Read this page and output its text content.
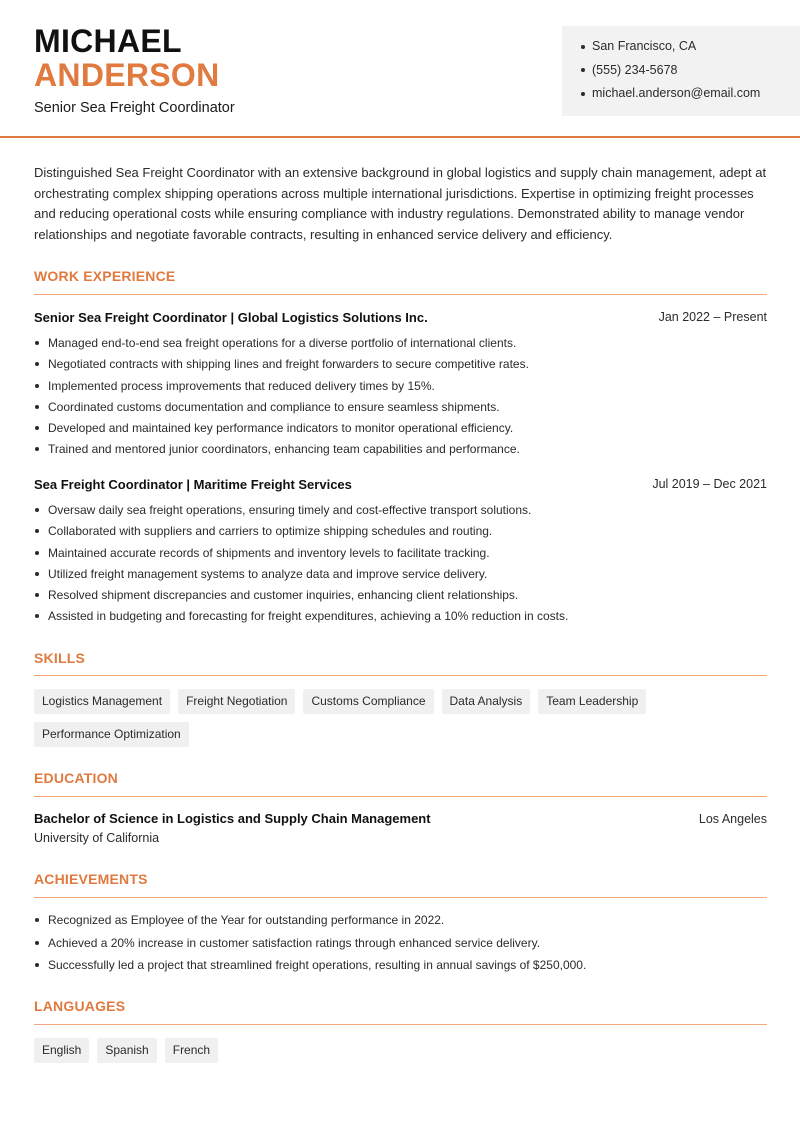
MICHAEL
ANDERSON
Senior Sea Freight Coordinator
San Francisco, CA
(555) 234-5678
michael.anderson@email.com

Distinguished Sea Freight Coordinator with an extensive background in global logistics and supply chain management, adept at orchestrating complex shipping operations across multiple international jurisdictions. Expertise in optimizing freight processes and reducing operational costs while ensuring compliance with industry regulations. Demonstrated ability to manage vendor relationships and negotiate favorable contracts, resulting in enhanced service delivery and efficiency.

WORK EXPERIENCE
Senior Sea Freight Coordinator | Global Logistics Solutions Inc.	Jan 2022 – Present
Managed end-to-end sea freight operations for a diverse portfolio of international clients.
Negotiated contracts with shipping lines and freight forwarders to secure competitive rates.
Implemented process improvements that reduced delivery times by 15%.
Coordinated customs documentation and compliance to ensure seamless shipments.
Developed and maintained key performance indicators to monitor operational efficiency.
Trained and mentored junior coordinators, enhancing team capabilities and performance.
Sea Freight Coordinator | Maritime Freight Services	Jul 2019 – Dec 2021
Oversaw daily sea freight operations, ensuring timely and cost-effective transport solutions.
Collaborated with suppliers and carriers to optimize shipping schedules and routing.
Maintained accurate records of shipments and inventory levels to facilitate tracking.
Utilized freight management systems to analyze data and improve service delivery.
Resolved shipment discrepancies and customer inquiries, enhancing client relationships.
Assisted in budgeting and forecasting for freight expenditures, achieving a 10% reduction in costs.
SKILLS
Logistics Management	Freight Negotiation	Customs Compliance	Data Analysis	Team Leadership
Performance Optimization
EDUCATION
Bachelor of Science in Logistics and Supply Chain Management	Los Angeles
University of California
ACHIEVEMENTS
Recognized as Employee of the Year for outstanding performance in 2022.
Achieved a 20% increase in customer satisfaction ratings through enhanced service delivery.
Successfully led a project that streamlined freight operations, resulting in annual savings of $250,000.
LANGUAGES
English	Spanish	French
